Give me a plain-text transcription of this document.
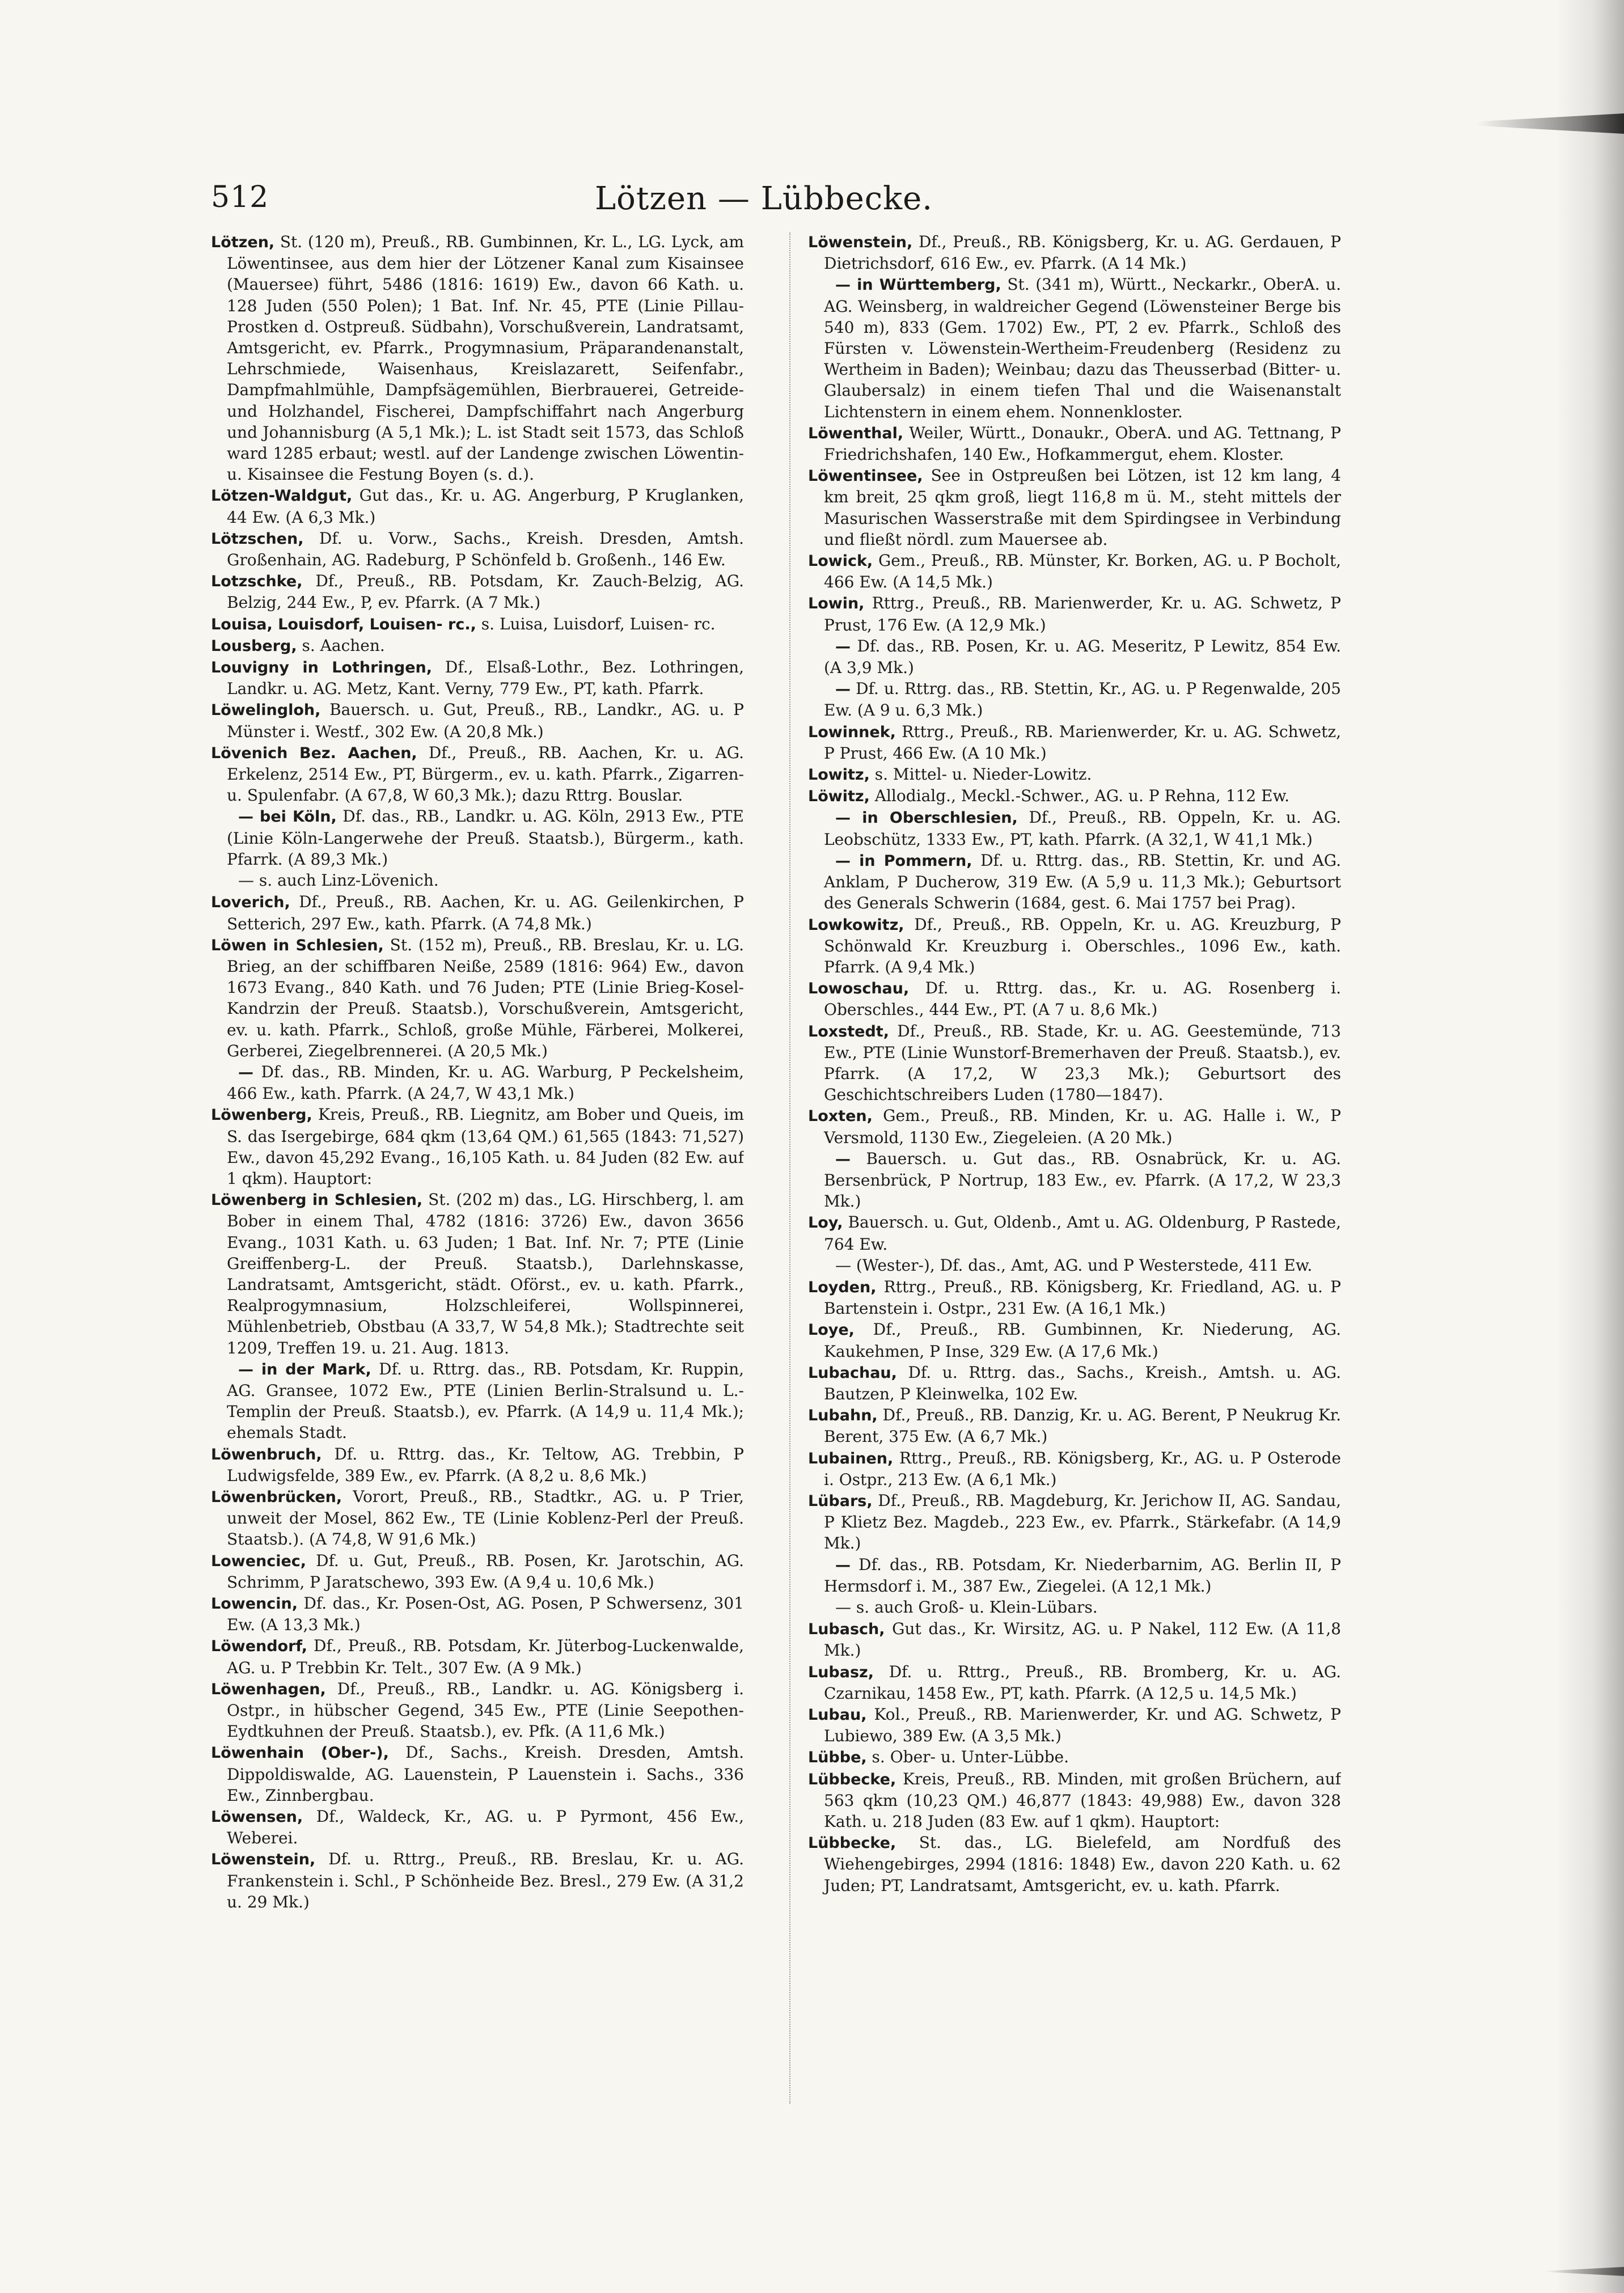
512	Lötzen — Lübbecke.

Lötzen, St. (120 m), Preuß., RB. Gumbinnen, Kr. L., LG. Lyck, am Löwentinsee, aus dem hier der Lötzener Kanal zum Kisainsee (Mauersee) führt, 5486 (1816: 1619) Ew., davon 66 Kath. u. 128 Juden (550 Polen); 1 Bat. Inf. Nr. 45, PTE (Linie Pillau-Prostken d. Ostpreuß. Südbahn), Vorschußverein, Landratsamt, Amtsgericht, ev. Pfarrk., Progymnasium, Präparandenanstalt, Lehrschmiede, Waisenhaus, Kreislazarett, Seifenfabr., Dampfmahlmühle, Dampfsägemühlen, Bierbrauerei, Getreide- und Holzhandel, Fischerei, Dampfschiffahrt nach Angerburg und Johannisburg (A 5,1 Mk.); L. ist Stadt seit 1573, das Schloß ward 1285 erbaut; westl. auf der Landenge zwischen Löwentin- u. Kisainsee die Festung Boyen (s. d.).

Lötzen-Waldgut, Gut das., Kr. u. AG. Angerburg, P Kruglanken, 44 Ew. (A 6,3 Mk.)

Lötzschen, Df. u. Vorw., Sachs., Kreish. Dresden, Amtsh. Großenhain, AG. Radeburg, P Schönfeld b. Großenh., 146 Ew.

Lotzschke, Df., Preuß., RB. Potsdam, Kr. Zauch-Belzig, AG. Belzig, 244 Ew., P, ev. Pfarrk. (A 7 Mk.)

Louisa, Louisdorf, Louisen- rc., s. Luisa, Luisdorf, Luisen- rc.

Lousberg, s. Aachen.

Louvigny in Lothringen, Df., Elsaß-Lothr., Bez. Lothringen, Landkr. u. AG. Metz, Kant. Verny, 779 Ew., PT, kath. Pfarrk.

Löwelingloh, Bauersch. u. Gut, Preuß., RB., Landkr., AG. u. P Münster i. Westf., 302 Ew. (A 20,8 Mk.)

Lövenich Bez. Aachen, Df., Preuß., RB. Aachen, Kr. u. AG. Erkelenz, 2514 Ew., PT, Bürgerm., ev. u. kath. Pfarrk., Zigarren- u. Spulenfabr. (A 67,8, W 60,3 Mk.); dazu Rttrg. Bouslar.

— bei Köln, Df. das., RB., Landkr. u. AG. Köln, 2913 Ew., PTE (Linie Köln-Langerwehe der Preuß. Staatsb.), Bürgerm., kath. Pfarrk. (A 89,3 Mk.)

— s. auch Linz-Lövenich.

Loverich, Df., Preuß., RB. Aachen, Kr. u. AG. Geilenkirchen, P Setterich, 297 Ew., kath. Pfarrk. (A 74,8 Mk.)

Löwen in Schlesien, St. (152 m), Preuß., RB. Breslau, Kr. u. LG. Brieg, an der schiffbaren Neiße, 2589 (1816: 964) Ew., davon 1673 Evang., 840 Kath. und 76 Juden; PTE (Linie Brieg-Kosel-Kandrzin der Preuß. Staatsb.), Vorschußverein, Amtsgericht, ev. u. kath. Pfarrk., Schloß, große Mühle, Färberei, Molkerei, Gerberei, Ziegelbrennerei. (A 20,5 Mk.)

— Df. das., RB. Minden, Kr. u. AG. Warburg, P Peckelsheim, 466 Ew., kath. Pfarrk. (A 24,7, W 43,1 Mk.)

Löwenberg, Kreis, Preuß., RB. Liegnitz, am Bober und Queis, im S. das Isergebirge, 684 qkm (13,64 QM.) 61,565 (1843: 71,527) Ew., davon 45,292 Evang., 16,105 Kath. u. 84 Juden (82 Ew. auf 1 qkm). Hauptort:

Löwenberg in Schlesien, St. (202 m) das., LG. Hirschberg, l. am Bober in einem Thal, 4782 (1816: 3726) Ew., davon 3656 Evang., 1031 Kath. u. 63 Juden; 1 Bat. Inf. Nr. 7; PTE (Linie Greiffenberg-L. der Preuß. Staatsb.), Darlehnskasse, Landratsamt, Amtsgericht, städt. Oförst., ev. u. kath. Pfarrk., Realprogymnasium, Holzschleiferei, Wollspinnerei, Mühlenbetrieb, Obstbau (A 33,7, W 54,8 Mk.); Stadtrechte seit 1209, Treffen 19. u. 21. Aug. 1813.

— in der Mark, Df. u. Rttrg. das., RB. Potsdam, Kr. Ruppin, AG. Gransee, 1072 Ew., PTE (Linien Berlin-Stralsund u. L.-Templin der Preuß. Staatsb.), ev. Pfarrk. (A 14,9 u. 11,4 Mk.); ehemals Stadt.

Löwenbruch, Df. u. Rttrg. das., Kr. Teltow, AG. Trebbin, P Ludwigsfelde, 389 Ew., ev. Pfarrk. (A 8,2 u. 8,6 Mk.)

Löwenbrücken, Vorort, Preuß., RB., Stadtkr., AG. u. P Trier, unweit der Mosel, 862 Ew., TE (Linie Koblenz-Perl der Preuß. Staatsb.). (A 74,8, W 91,6 Mk.)

Lowenciec, Df. u. Gut, Preuß., RB. Posen, Kr. Jarotschin, AG. Schrimm, P Jaratschewo, 393 Ew. (A 9,4 u. 10,6 Mk.)

Lowencin, Df. das., Kr. Posen-Ost, AG. Posen, P Schwersenz, 301 Ew. (A 13,3 Mk.)

Löwendorf, Df., Preuß., RB. Potsdam, Kr. Jüterbog-Luckenwalde, AG. u. P Trebbin Kr. Telt., 307 Ew. (A 9 Mk.)

Löwenhagen, Df., Preuß., RB., Landkr. u. AG. Königsberg i. Ostpr., in hübscher Gegend, 345 Ew., PTE (Linie Seepothen-Eydtkuhnen der Preuß. Staatsb.), ev. Pfk. (A 11,6 Mk.)

Löwenhain (Ober-), Df., Sachs., Kreish. Dresden, Amtsh. Dippoldiswalde, AG. Lauenstein, P Lauenstein i. Sachs., 336 Ew., Zinnbergbau.

Löwensen, Df., Waldeck, Kr., AG. u. P Pyrmont, 456 Ew., Weberei.

Löwenstein, Df. u. Rttrg., Preuß., RB. Breslau, Kr. u. AG. Frankenstein i. Schl., P Schönheide Bez. Bresl., 279 Ew. (A 31,2 u. 29 Mk.)

Löwenstein, Df., Preuß., RB. Königsberg, Kr. u. AG. Gerdauen, P Dietrichsdorf, 616 Ew., ev. Pfarrk. (A 14 Mk.)

— in Württemberg, St. (341 m), Württ., Neckarkr., OberA. u. AG. Weinsberg, in waldreicher Gegend (Löwensteiner Berge bis 540 m), 833 (Gem. 1702) Ew., PT, 2 ev. Pfarrk., Schloß des Fürsten v. Löwenstein-Wertheim-Freudenberg (Residenz zu Wertheim in Baden); Weinbau; dazu das Theusserbad (Bitter- u. Glaubersalz) in einem tiefen Thal und die Waisenanstalt Lichtenstern in einem ehem. Nonnenkloster.

Löwenthal, Weiler, Württ., Donaukr., OberA. und AG. Tettnang, P Friedrichshafen, 140 Ew., Hofkammergut, ehem. Kloster.

Löwentinsee, See in Ostpreußen bei Lötzen, ist 12 km lang, 4 km breit, 25 qkm groß, liegt 116,8 m ü. M., steht mittels der Masurischen Wasserstraße mit dem Spirdingsee in Verbindung und fließt nördl. zum Mauersee ab.

Lowick, Gem., Preuß., RB. Münster, Kr. Borken, AG. u. P Bocholt, 466 Ew. (A 14,5 Mk.)

Lowin, Rttrg., Preuß., RB. Marienwerder, Kr. u. AG. Schwetz, P Prust, 176 Ew. (A 12,9 Mk.)

— Df. das., RB. Posen, Kr. u. AG. Meseritz, P Lewitz, 854 Ew. (A 3,9 Mk.)

— Df. u. Rttrg. das., RB. Stettin, Kr., AG. u. P Regenwalde, 205 Ew. (A 9 u. 6,3 Mk.)

Lowinnek, Rttrg., Preuß., RB. Marienwerder, Kr. u. AG. Schwetz, P Prust, 466 Ew. (A 10 Mk.)

Lowitz, s. Mittel- u. Nieder-Lowitz.

Löwitz, Allodialg., Meckl.-Schwer., AG. u. P Rehna, 112 Ew.

— in Oberschlesien, Df., Preuß., RB. Oppeln, Kr. u. AG. Leobschütz, 1333 Ew., PT, kath. Pfarrk. (A 32,1, W 41,1 Mk.)

— in Pommern, Df. u. Rttrg. das., RB. Stettin, Kr. und AG. Anklam, P Ducherow, 319 Ew. (A 5,9 u. 11,3 Mk.); Geburtsort des Generals Schwerin (1684, gest. 6. Mai 1757 bei Prag).

Lowkowitz, Df., Preuß., RB. Oppeln, Kr. u. AG. Kreuzburg, P Schönwald Kr. Kreuzburg i. Oberschles., 1096 Ew., kath. Pfarrk. (A 9,4 Mk.)

Lowoschau, Df. u. Rttrg. das., Kr. u. AG. Rosenberg i. Oberschles., 444 Ew., PT. (A 7 u. 8,6 Mk.)

Loxstedt, Df., Preuß., RB. Stade, Kr. u. AG. Geestemünde, 713 Ew., PTE (Linie Wunstorf-Bremerhaven der Preuß. Staatsb.), ev. Pfarrk. (A 17,2, W 23,3 Mk.); Geburtsort des Geschichtschreibers Luden (1780—1847).

Loxten, Gem., Preuß., RB. Minden, Kr. u. AG. Halle i. W., P Versmold, 1130 Ew., Ziegeleien. (A 20 Mk.)

— Bauersch. u. Gut das., RB. Osnabrück, Kr. u. AG. Bersenbrück, P Nortrup, 183 Ew., ev. Pfarrk. (A 17,2, W 23,3 Mk.)

Loy, Bauersch. u. Gut, Oldenb., Amt u. AG. Oldenburg, P Rastede, 764 Ew.

— (Wester-), Df. das., Amt, AG. und P Westerstede, 411 Ew.

Loyden, Rttrg., Preuß., RB. Königsberg, Kr. Friedland, AG. u. P Bartenstein i. Ostpr., 231 Ew. (A 16,1 Mk.)

Loye, Df., Preuß., RB. Gumbinnen, Kr. Niederung, AG. Kaukehmen, P Inse, 329 Ew. (A 17,6 Mk.)

Lubachau, Df. u. Rttrg. das., Sachs., Kreish., Amtsh. u. AG. Bautzen, P Kleinwelka, 102 Ew.

Lubahn, Df., Preuß., RB. Danzig, Kr. u. AG. Berent, P Neukrug Kr. Berent, 375 Ew. (A 6,7 Mk.)

Lubainen, Rttrg., Preuß., RB. Königsberg, Kr., AG. u. P Osterode i. Ostpr., 213 Ew. (A 6,1 Mk.)

Lübars, Df., Preuß., RB. Magdeburg, Kr. Jerichow II, AG. Sandau, P Klietz Bez. Magdeb., 223 Ew., ev. Pfarrk., Stärkefabr. (A 14,9 Mk.)

— Df. das., RB. Potsdam, Kr. Niederbarnim, AG. Berlin II, P Hermsdorf i. M., 387 Ew., Ziegelei. (A 12,1 Mk.)

— s. auch Groß- u. Klein-Lübars.

Lubasch, Gut das., Kr. Wirsitz, AG. u. P Nakel, 112 Ew. (A 11,8 Mk.)

Lubasz, Df. u. Rttrg., Preuß., RB. Bromberg, Kr. u. AG. Czarnikau, 1458 Ew., PT, kath. Pfarrk. (A 12,5 u. 14,5 Mk.)

Lubau, Kol., Preuß., RB. Marienwerder, Kr. und AG. Schwetz, P Lubiewo, 389 Ew. (A 3,5 Mk.)

Lübbe, s. Ober- u. Unter-Lübbe.

Lübbecke, Kreis, Preuß., RB. Minden, mit großen Brüchern, auf 563 qkm (10,23 QM.) 46,877 (1843: 49,988) Ew., davon 328 Kath. u. 218 Juden (83 Ew. auf 1 qkm). Hauptort:

Lübbecke, St. das., LG. Bielefeld, am Nordfuß des Wiehengebirges, 2994 (1816: 1848) Ew., davon 220 Kath. u. 62 Juden; PT, Landratsamt, Amtsgericht, ev. u. kath. Pfarrk.
